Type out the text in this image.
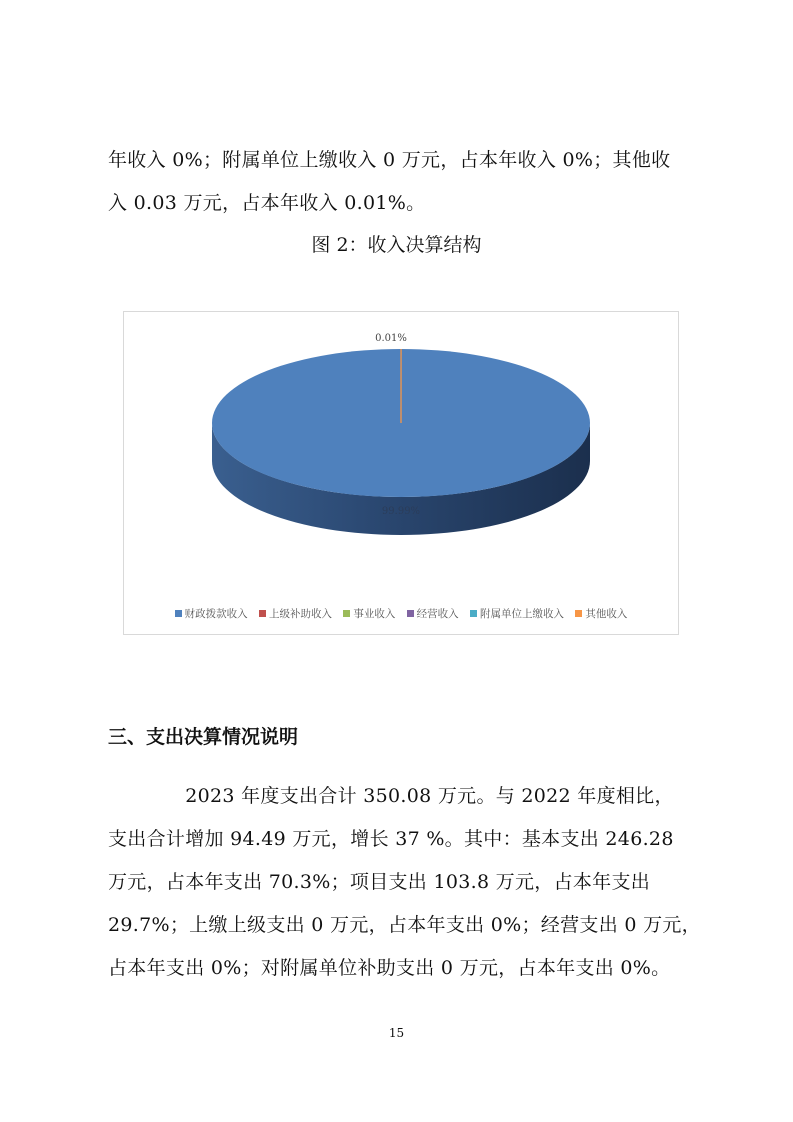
年收入 0%；附属单位上缴收入 0 万元，占本年收入 0%；其他收
入 0.03 万元，占本年收入 0.01%。
图 2：收入决算结构
0.01%
99.99%
财政拨款收入 上级补助收入 事业收入 经营收入 附属单位上缴收入 其他收入
三、支出决算情况说明
　　　　2023 年度支出合计 350.08 万元。与 2022 年度相比，
支出合计增加 94.49 万元，增长 37 %。其中：基本支出 246.28
万元，占本年支出 70.3%；项目支出 103.8 万元，占本年支出
29.7%；上缴上级支出 0 万元，占本年支出 0%；经营支出 0 万元，
占本年支出 0%；对附属单位补助支出 0 万元，占本年支出 0%。
15
